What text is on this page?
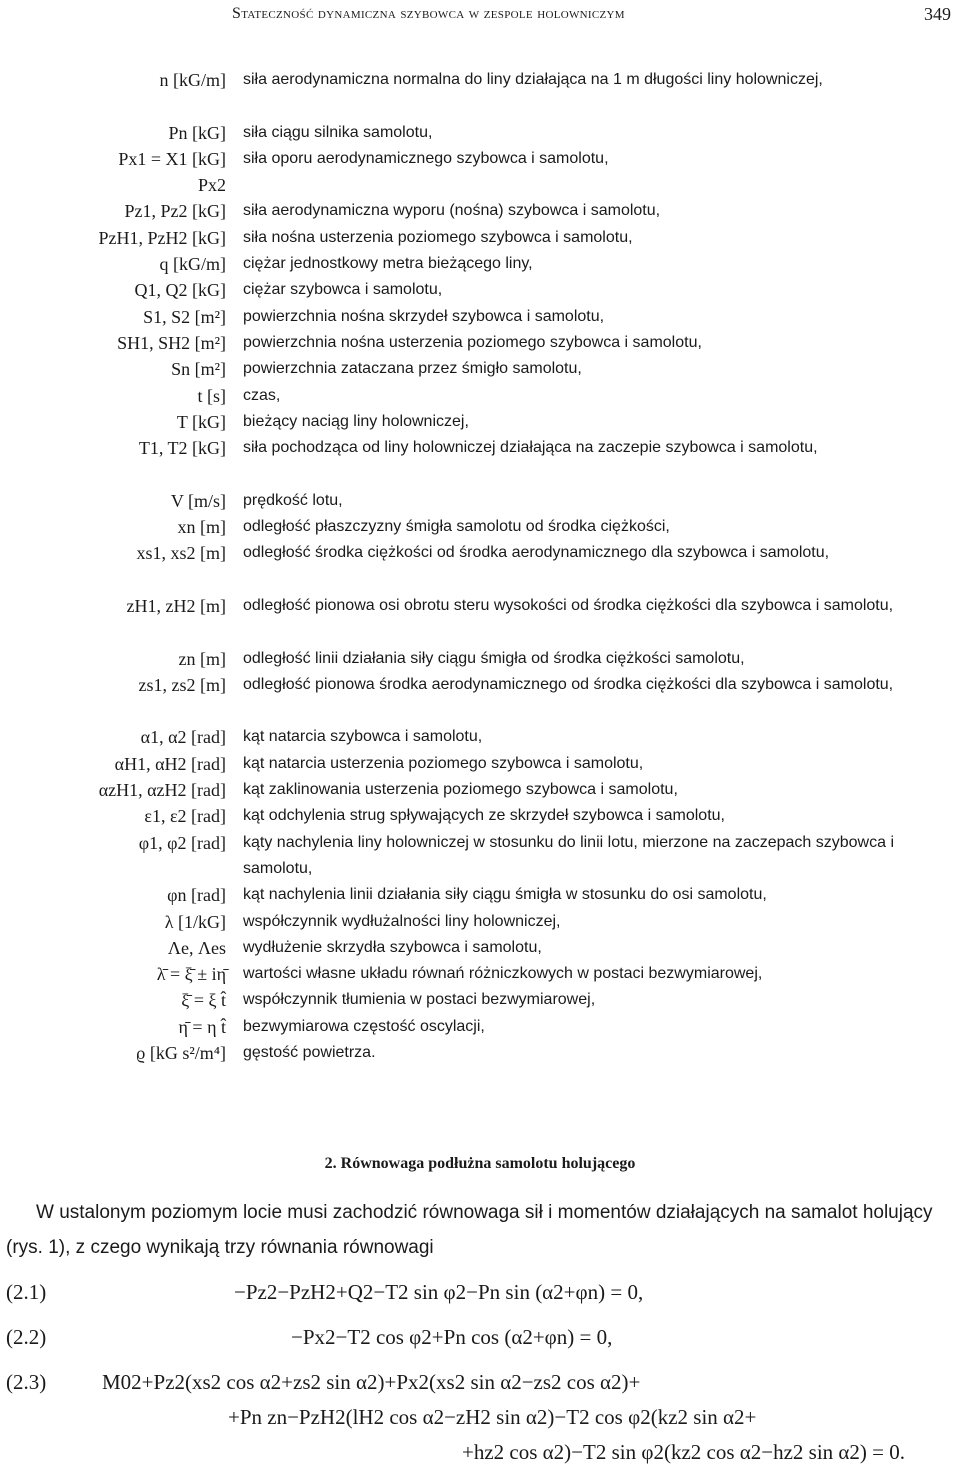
Stateczność dynamiczna szybowca w zespole holowniczym	349
n [kG/m]	siła aerodynamiczna normalna do liny działająca na 1 m długości liny holowniczej,
Pn [kG]	siła ciągu silnika samolotu,
Px1 = X1 [kG]	siła oporu aerodynamicznego szybowca i samolotu,
Px2
Pz1, Pz2 [kG]	siła aerodynamiczna wyporu (nośna) szybowca i samolotu,
PzH1, PzH2 [kG]	siła nośna usterzenia poziomego szybowca i samolotu,
q [kG/m]	ciężar jednostkowy metra bieżącego liny,
Q1, Q2 [kG]	ciężar szybowca i samolotu,
S1, S2 [m²]	powierzchnia nośna skrzydeł szybowca i samolotu,
SH1, SH2 [m²]	powierzchnia nośna usterzenia poziomego szybowca i samolotu,
Sn [m²]	powierzchnia zataczana przez śmigło samolotu,
t [s]	czas,
T [kG]	bieżący naciąg liny holowniczej,
T1, T2 [kG]	siła pochodząca od liny holowniczej działająca na zaczepie szybowca i samolotu,
V [m/s]	prędkość lotu,
xn [m]	odległość płaszczyzny śmigła samolotu od środka ciężkości,
xs1, xs2 [m]	odległość środka ciężkości od środka aerodynamicznego dla szybowca i samolotu,
zH1, zH2 [m]	odległość pionowa osi obrotu steru wysokości od środka ciężkości dla szybowca i samolotu,
zn [m]	odległość linii działania siły ciągu śmigła od środka ciężkości samolotu,
zs1, zs2 [m]	odległość pionowa środka aerodynamicznego od środka ciężkości dla szybowca i samolotu,
α1, α2 [rad]	kąt natarcia szybowca i samolotu,
αH1, αH2 [rad]	kąt natarcia usterzenia poziomego szybowca i samolotu,
αzH1, αzH2 [rad]	kąt zaklinowania usterzenia poziomego szybowca i samolotu,
ε1, ε2 [rad]	kąt odchylenia strug spływających ze skrzydeł szybowca i samolotu,
φ1, φ2 [rad]	kąty nachylenia liny holowniczej w stosunku do linii lotu, mierzone na zaczepach szybowca i samolotu,
φn [rad]	kąt nachylenia linii działania siły ciągu śmigła w stosunku do osi samolotu,
λ [1/kG]	współczynnik wydłużalności liny holowniczej,
Λe, Λes	wydłużenie skrzydła szybowca i samolotu,
λ̄ = ξ̄ ± iη̄	wartości własne układu równań różniczkowych w postaci bezwymiarowej,
ξ̄ = ξ t̂	współczynnik tłumienia w postaci bezwymiarowej,
η̄ = η t̂	bezwymiarowa częstość oscylacji,
ϱ [kG s²/m⁴]	gęstość powietrza.
2. Równowaga podłużna samolotu holującego
W ustalonym poziomym locie musi zachodzić równowaga sił i momentów działających na samalot holujący (rys. 1), z czego wynikają trzy równania równowagi
(2.1)	−Pz2−PzH2+Q2−T2 sin φ2−Pn sin (α2+φn) = 0,
(2.2)	−Px2−T2 cos φ2+Pn cos (α2+φn) = 0,
(2.3)	M02+Pz2(xs2 cos α2+zs2 sin α2)+Px2(xs2 sin α2−zs2 cos α2)+
+Pn zn−PzH2(lH2 cos α2−zH2 sin α2)−T2 cos φ2(kz2 sin α2+
+hz2 cos α2)−T2 sin φ2(kz2 cos α2−hz2 sin α2) = 0.
